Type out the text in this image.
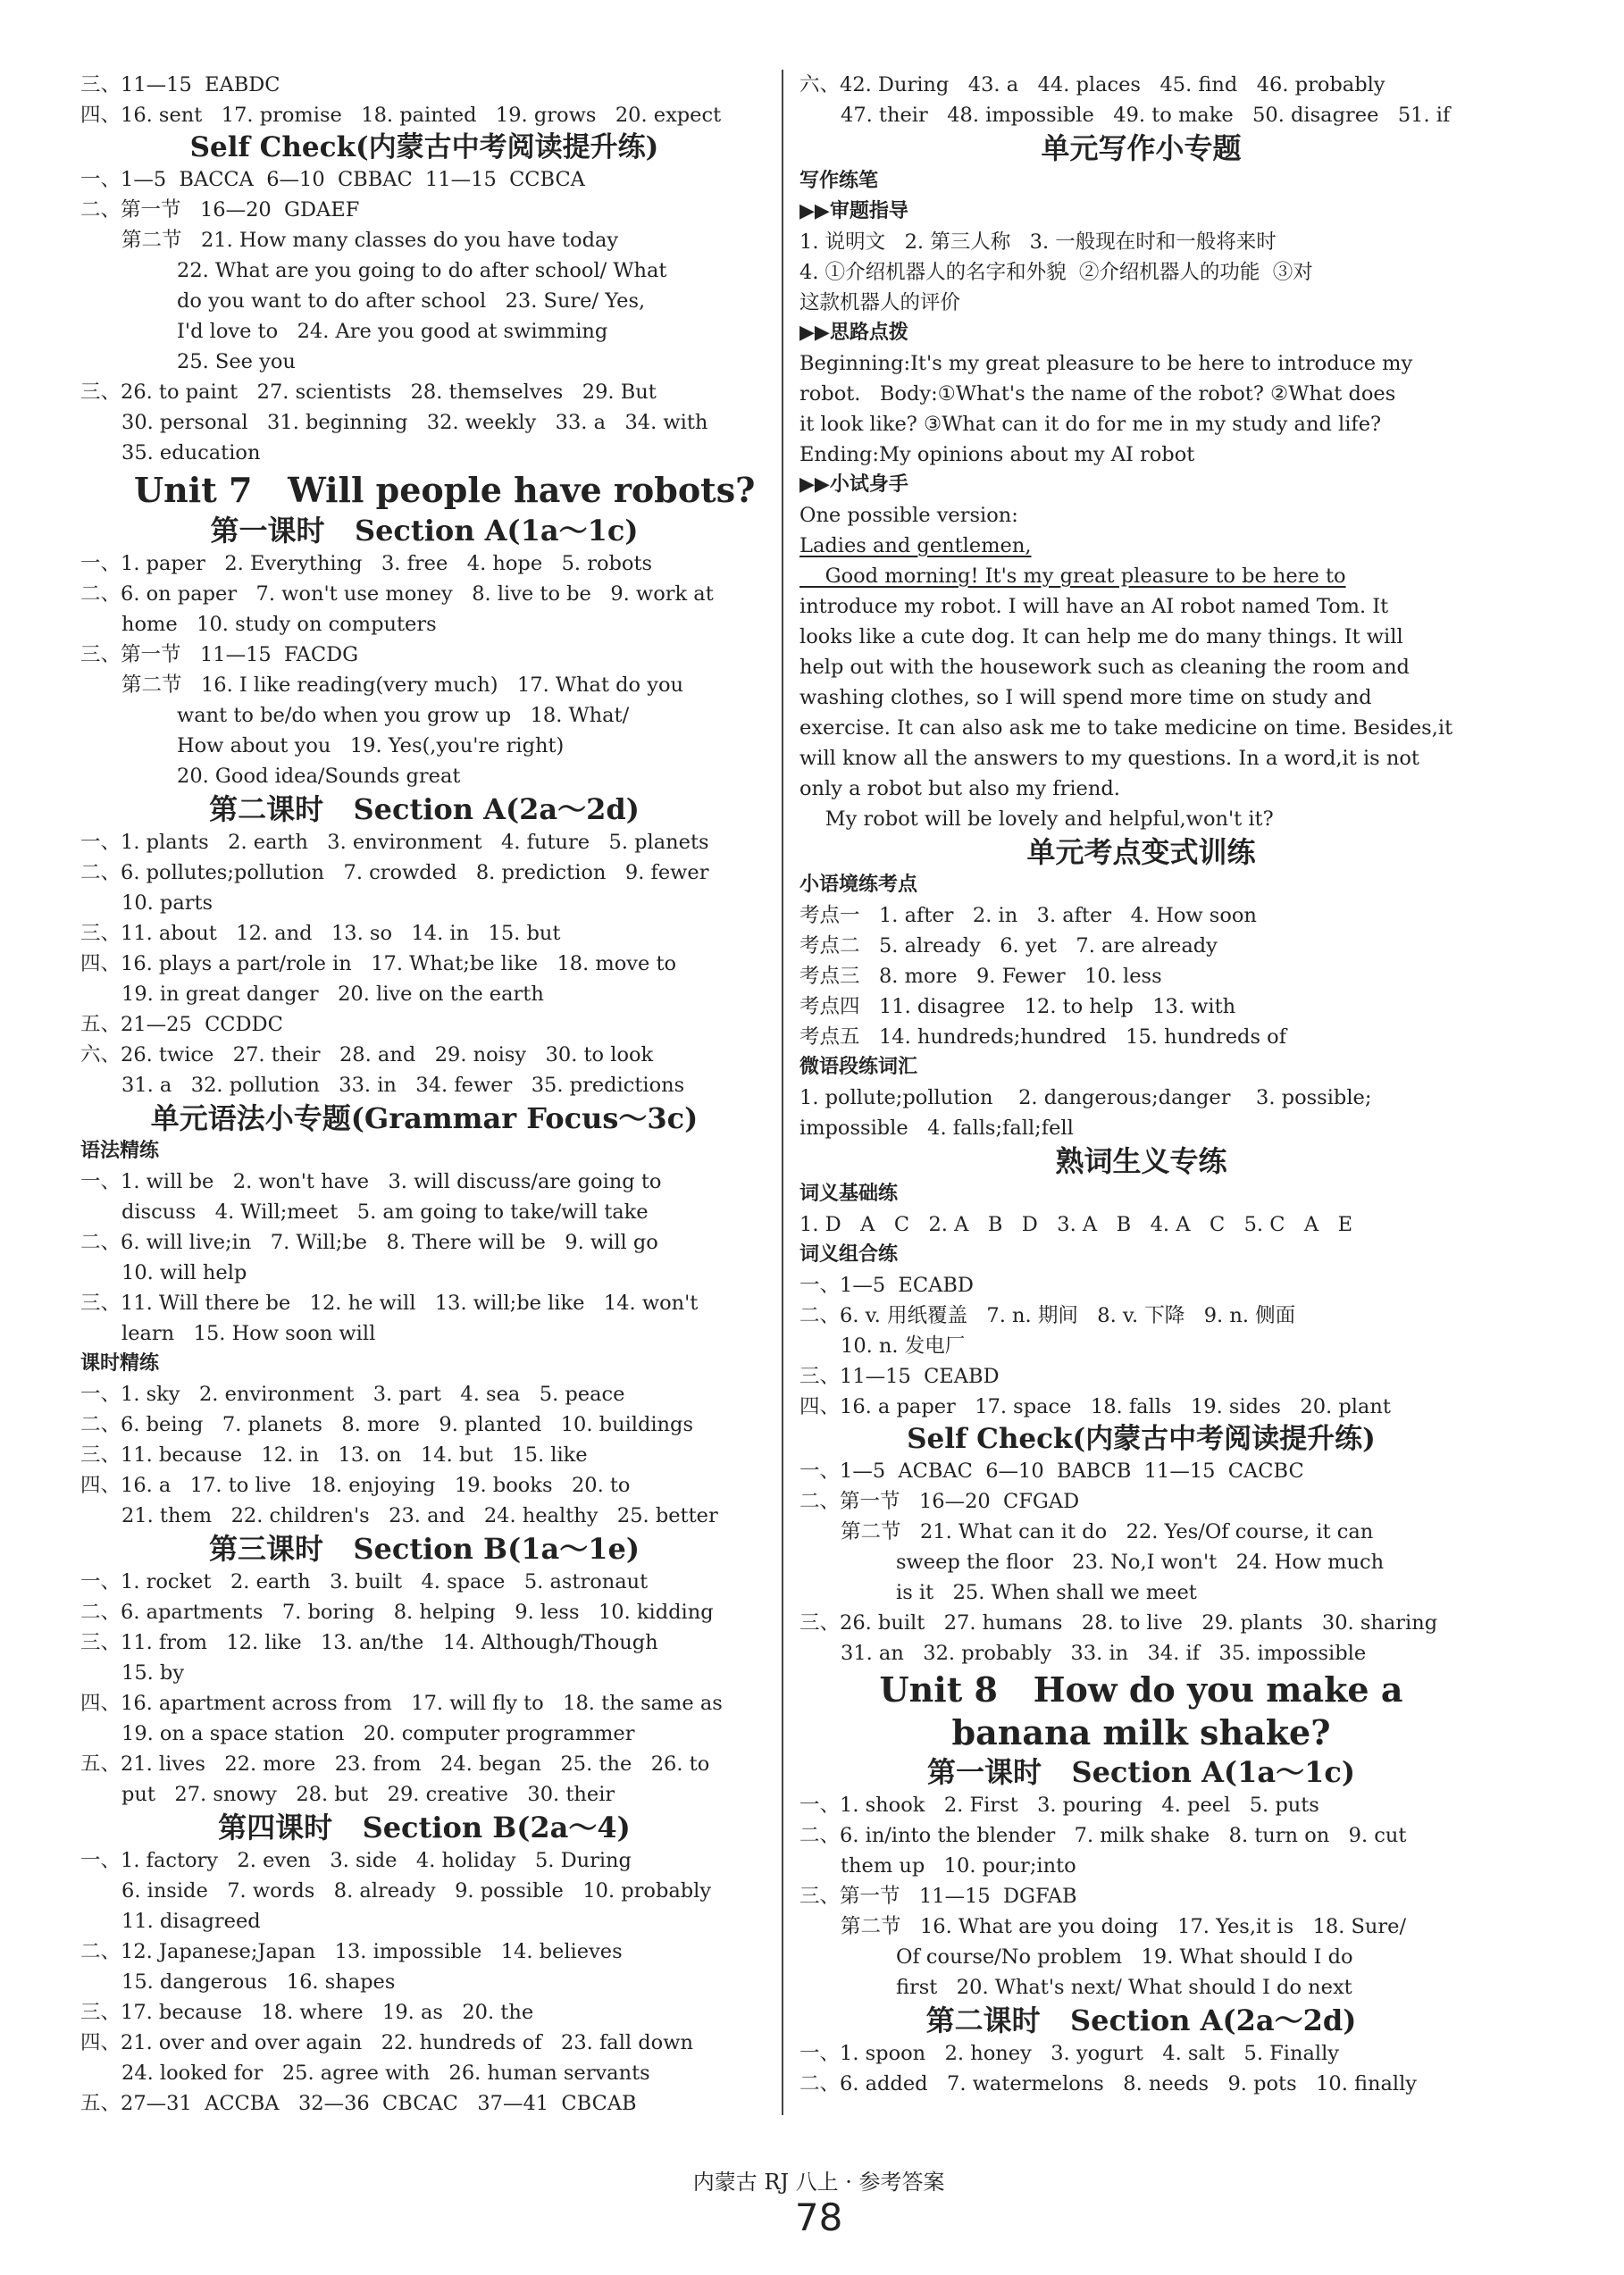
三、11—15  EABDC
四、16. sent   17. promise   18. painted   19. grows   20. expect
Self Check(内蒙古中考阅读提升练)
一、1—5  BACCA  6—10  CBBAC  11—15  CCBCA
二、第一节   16—20  GDAEF
第二节   21. How many classes do you have today
22. What are you going to do after school/ What
do you want to do after school   23. Sure/ Yes,
I'd love to   24. Are you good at swimming
25. See you
三、26. to paint   27. scientists   28. themselves   29. But
30. personal   31. beginning   32. weekly   33. a   34. with
35. education
Unit 7   Will people have robots?
第一课时   Section A(1a～1c)
一、1. paper   2. Everything   3. free   4. hope   5. robots
二、6. on paper   7. won't use money   8. live to be   9. work at
home   10. study on computers
三、第一节   11—15  FACDG
第二节   16. I like reading(very much)   17. What do you
want to be/do when you grow up   18. What/
How about you   19. Yes(,you're right)
20. Good idea/Sounds great
第二课时   Section A(2a～2d)
一、1. plants   2. earth   3. environment   4. future   5. planets
二、6. pollutes;pollution   7. crowded   8. prediction   9. fewer
10. parts
三、11. about   12. and   13. so   14. in   15. but
四、16. plays a part/role in   17. What;be like   18. move to
19. in great danger   20. live on the earth
五、21—25  CCDDC
六、26. twice   27. their   28. and   29. noisy   30. to look
31. a   32. pollution   33. in   34. fewer   35. predictions
单元语法小专题(Grammar Focus～3c)
语法精练
一、1. will be   2. won't have   3. will discuss/are going to
discuss   4. Will;meet   5. am going to take/will take
二、6. will live;in   7. Will;be   8. There will be   9. will go
10. will help
三、11. Will there be   12. he will   13. will;be like   14. won't
learn   15. How soon will
课时精练
一、1. sky   2. environment   3. part   4. sea   5. peace
二、6. being   7. planets   8. more   9. planted   10. buildings
三、11. because   12. in   13. on   14. but   15. like
四、16. a   17. to live   18. enjoying   19. books   20. to
21. them   22. children's   23. and   24. healthy   25. better
第三课时   Section B(1a～1e)
一、1. rocket   2. earth   3. built   4. space   5. astronaut
二、6. apartments   7. boring   8. helping   9. less   10. kidding
三、11. from   12. like   13. an/the   14. Although/Though
15. by
四、16. apartment across from   17. will fly to   18. the same as
19. on a space station   20. computer programmer
五、21. lives   22. more   23. from   24. began   25. the   26. to
put   27. snowy   28. but   29. creative   30. their
第四课时   Section B(2a～4)
一、1. factory   2. even   3. side   4. holiday   5. During
6. inside   7. words   8. already   9. possible   10. probably
11. disagreed
二、12. Japanese;Japan   13. impossible   14. believes
15. dangerous   16. shapes
三、17. because   18. where   19. as   20. the
四、21. over and over again   22. hundreds of   23. fall down
24. looked for   25. agree with   26. human servants
五、27—31  ACCBA   32—36  CBCAC   37—41  CBCAB
六、42. During   43. a   44. places   45. find   46. probably
47. their   48. impossible   49. to make   50. disagree   51. if
单元写作小专题
写作练笔
▶▶审题指导
1. 说明文   2. 第三人称   3. 一般现在时和一般将来时
4. ①介绍机器人的名字和外貌  ②介绍机器人的功能  ③对
这款机器人的评价
▶▶思路点拨
Beginning:It's my great pleasure to be here to introduce my
robot.   Body:①What's the name of the robot? ②What does
it look like? ③What can it do for me in my study and life?
Ending:My opinions about my AI robot
▶▶小试身手
One possible version:
Ladies and gentlemen,
Good morning! It's my great pleasure to be here to
introduce my robot. I will have an AI robot named Tom. It
looks like a cute dog. It can help me do many things. It will
help out with the housework such as cleaning the room and
washing clothes, so I will spend more time on study and
exercise. It can also ask me to take medicine on time. Besides,it
will know all the answers to my questions. In a word,it is not
only a robot but also my friend.
My robot will be lovely and helpful,won't it?
单元考点变式训练
小语境练考点
考点一   1. after   2. in   3. after   4. How soon
考点二   5. already   6. yet   7. are already
考点三   8. more   9. Fewer   10. less
考点四   11. disagree   12. to help   13. with
考点五   14. hundreds;hundred   15. hundreds of
微语段练词汇
1. pollute;pollution    2. dangerous;danger    3. possible;
impossible   4. falls;fall;fell
熟词生义专练
词义基础练
1. D   A   C   2. A   B   D   3. A   B   4. A   C   5. C   A   E
词义组合练
一、1—5  ECABD
二、6. v. 用纸覆盖   7. n. 期间   8. v. 下降   9. n. 侧面
10. n. 发电厂
三、11—15  CEABD
四、16. a paper   17. space   18. falls   19. sides   20. plant
Self Check(内蒙古中考阅读提升练)
一、1—5  ACBAC  6—10  BABCB  11—15  CACBC
二、第一节   16—20  CFGAD
第二节   21. What can it do   22. Yes/Of course, it can
sweep the floor   23. No,I won't   24. How much
is it   25. When shall we meet
三、26. built   27. humans   28. to live   29. plants   30. sharing
31. an   32. probably   33. in   34. if   35. impossible
Unit 8   How do you make a
banana milk shake?
第一课时   Section A(1a～1c)
一、1. shook   2. First   3. pouring   4. peel   5. puts
二、6. in/into the blender   7. milk shake   8. turn on   9. cut
them up   10. pour;into
三、第一节   11—15  DGFAB
第二节   16. What are you doing   17. Yes,it is   18. Sure/
Of course/No problem   19. What should I do
first   20. What's next/ What should I do next
第二课时   Section A(2a～2d)
一、1. spoon   2. honey   3. yogurt   4. salt   5. Finally
二、6. added   7. watermelons   8. needs   9. pots   10. finally

内蒙古 RJ 八上 · 参考答案
78
